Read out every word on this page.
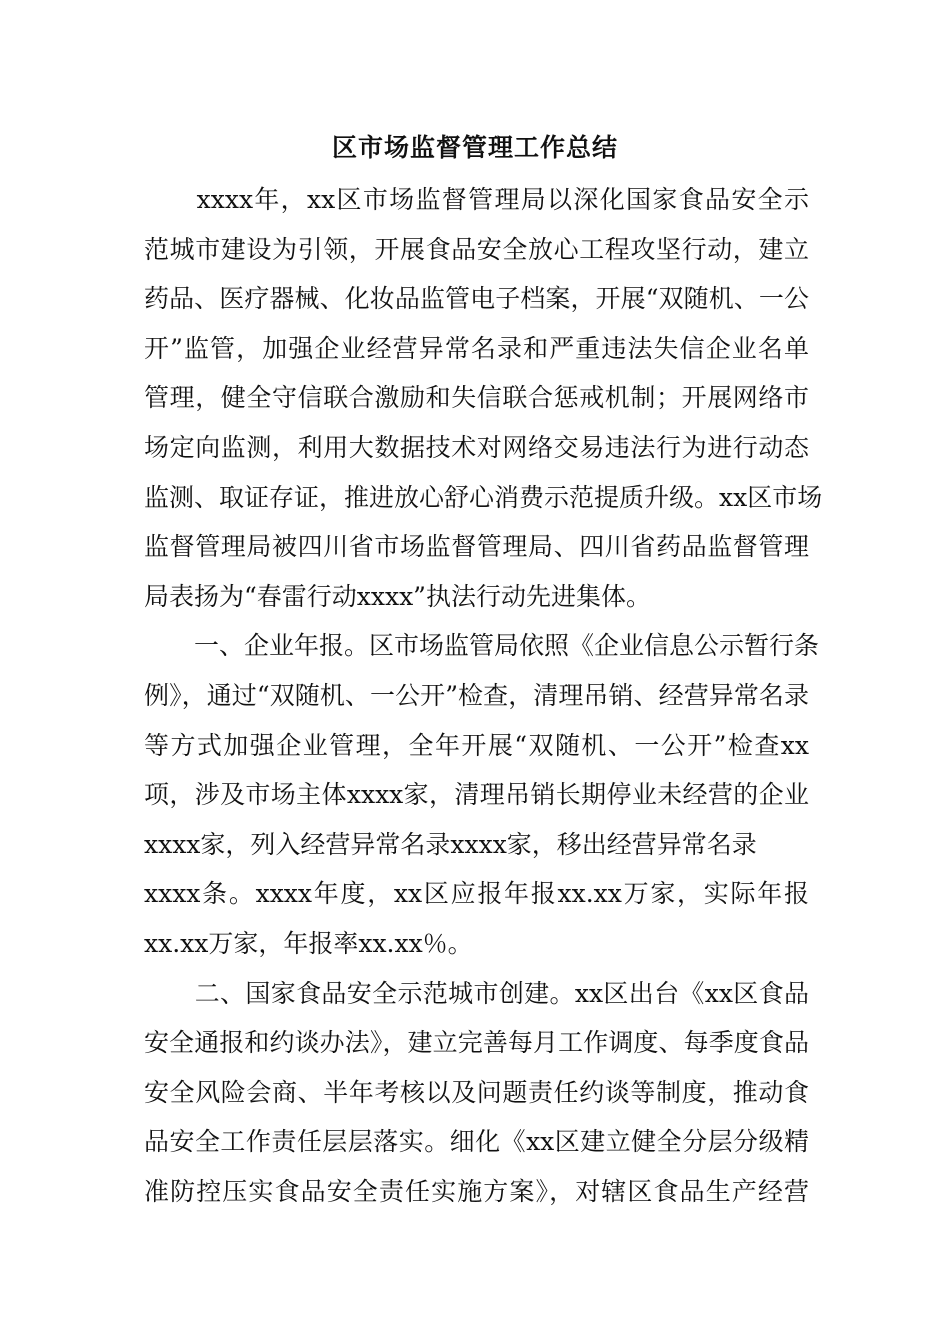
区市场监督管理工作总结
　　xxxx年，xx区市场监督管理局以深化国家食品安全示
范城市建设为引领，开展食品安全放心工程攻坚行动，建立
药品、医疗器械、化妆品监管电子档案，开展“双随机、一公
开”监管，加强企业经营异常名录和严重违法失信企业名单
管理，健全守信联合激励和失信联合惩戒机制；开展网络市
场定向监测，利用大数据技术对网络交易违法行为进行动态
监测、取证存证，推进放心舒心消费示范提质升级。xx区市场
监督管理局被四川省市场监督管理局、四川省药品监督管理
局表扬为“春雷行动xxxx”执法行动先进集体。
　　一、企业年报。区市场监管局依照《企业信息公示暂行条
例》，通过“双随机、一公开”检查，清理吊销、经营异常名录
等方式加强企业管理，全年开展“双随机、一公开”检查xx
项，涉及市场主体xxxx家，清理吊销长期停业未经营的企业
xxxx家，列入经营异常名录xxxx家，移出经营异常名录
xxxx条。xxxx年度，xx区应报年报xx.xx万家，实际年报
xx.xx万家，年报率xx.xx％。
　　二、国家食品安全示范城市创建。xx区出台《xx区食品
安全通报和约谈办法》，建立完善每月工作调度、每季度食品
安全风险会商、半年考核以及问题责任约谈等制度，推动食
品安全工作责任层层落实。细化《xx区建立健全分层分级精
准防控压实食品安全责任实施方案》，对辖区食品生产经营
